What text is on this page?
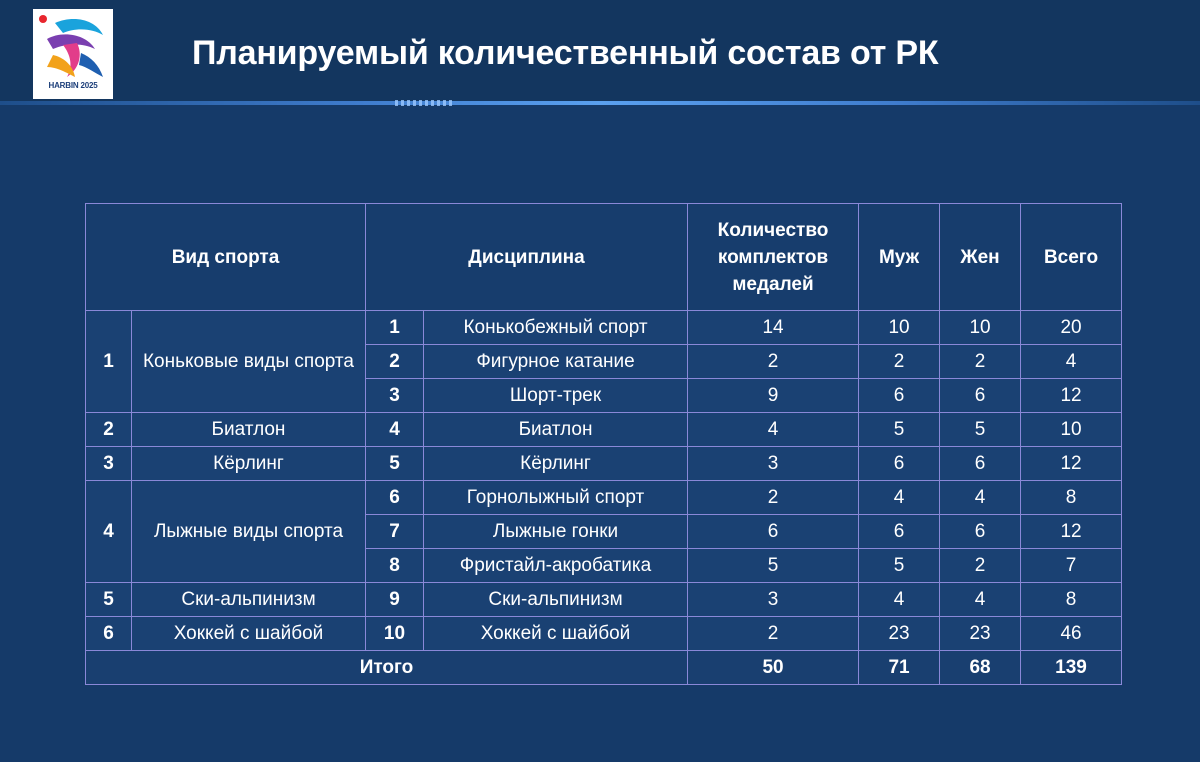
HARBIN 2025
Планируемый количественный состав от РК
Вид спорта		Дисциплина		Количество комплектов медалей	Муж	Жен	Всего
1	Коньковые виды спорта	1	Конькобежный спорт	14	10	10	20
		2	Фигурное катание	2	2	2	4
		3	Шорт-трек	9	6	6	12
2	Биатлон	4	Биатлон	4	5	5	10
3	Кёрлинг	5	Кёрлинг	3	6	6	12
4	Лыжные виды спорта	6	Горнолыжный спорт	2	4	4	8
		7	Лыжные гонки	6	6	6	12
		8	Фристайл-акробатика	5	5	2	7
5	Ски-альпинизм	9	Ски-альпинизм	3	4	4	8
6	Хоккей с шайбой	10	Хоккей с шайбой	2	23	23	46
Итого				50	71	68	139
